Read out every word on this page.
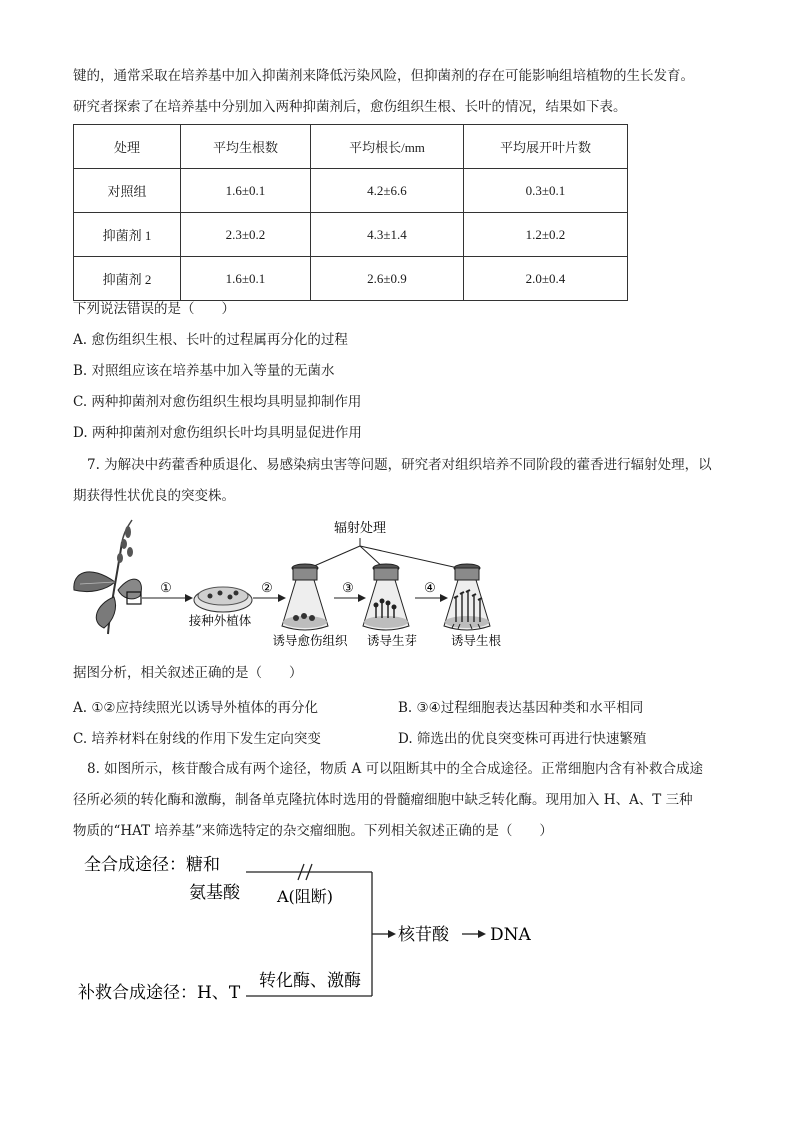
键的，通常采取在培养基中加入抑菌剂来降低污染风险，但抑菌剂的存在可能影响组培植物的生长发育。
研究者探索了在培养基中分别加入两种抑菌剂后，愈伤组织生根、长叶的情况，结果如下表。
处理	平均生根数	平均根长/mm	平均展开叶片数
对照组	1.6±0.1	4.2±6.6	0.3±0.1
抑菌剂 1	2.3±0.2	4.3±1.4	1.2±0.2
抑菌剂 2	1.6±0.1	2.6±0.9	2.0±0.4
下列说法错误的是（　　）
A. 愈伤组织生根、长叶的过程属再分化的过程
B. 对照组应该在培养基中加入等量的无菌水
C. 两种抑菌剂对愈伤组织生根均具明显抑制作用
D. 两种抑菌剂对愈伤组织长叶均具明显促进作用
7. 为解决中药藿香种质退化、易感染病虫害等问题，研究者对组织培养不同阶段的藿香进行辐射处理，以
期获得性状优良的突变株。
辐射处理
①	②	③	④
接种外植体
诱导愈伤组织 诱导生芽	诱导生根
据图分析，相关叙述正确的是（　　）
A. ①②应持续照光以诱导外植体的再分化	B. ③④过程细胞表达基因种类和水平相同
C. 培养材料在射线的作用下发生定向突变	D. 筛选出的优良突变株可再进行快速繁殖
8. 如图所示，核苷酸合成有两个途径，物质 A 可以阻断其中的全合成途径。正常细胞内含有补救合成途
径所必须的转化酶和激酶，制备单克隆抗体时选用的骨髓瘤细胞中缺乏转化酶。现用加入 H、A、T 三种
物质的“HAT 培养基”来筛选特定的杂交瘤细胞。下列相关叙述正确的是（　　）
全合成途径：糖和
氨基酸 A(阻断)
补救合成途径：H、T
转化酶、激酶
核苷酸 DNA
